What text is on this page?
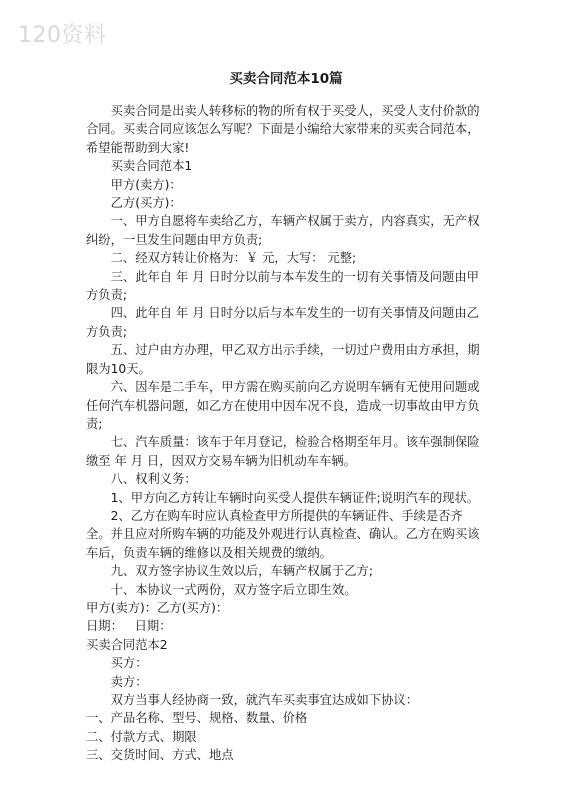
120资料
买卖合同范本10篇
买卖合同是出卖人转移标的物的所有权于买受人，买受人支付价款的合同。买卖合同应该怎么写呢？下面是小编给大家带来的买卖合同范本，希望能帮助到大家!
买卖合同范本1
甲方(卖方)：
乙方(买方)：
一、甲方自愿将车卖给乙方，车辆产权属于卖方，内容真实，无产权纠纷，一旦发生问题由甲方负责;
二、经双方转让价格为：￥ 元，大写： 元整;
三、此年自 年 月 日时分以前与本车发生的一切有关事情及问题由甲方负责;
四、此年自 年 月 日时分以后与本车发生的一切有关事情及问题由乙方负责;
五、过户由方办理，甲乙双方出示手续，一切过户费用由方承担，期限为10天。
六、因车是二手车，甲方需在购买前向乙方说明车辆有无使用问题或任何汽车机器问题，如乙方在使用中因车况不良，造成一切事故由甲方负责;
七、汽车质量：该车于年月登记，检验合格期至年月。该车强制保险缴至 年 月 日，因双方交易车辆为旧机动车车辆。
八、权利义务：
1、甲方向乙方转让车辆时向买受人提供车辆证件;说明汽车的现状。
2、乙方在购车时应认真检查甲方所提供的车辆证件、手续是否齐全。并且应对所购车辆的功能及外观进行认真检查、确认。乙方在购买该车后，负责车辆的维修以及相关规费的缴纳。
九、双方签字协议生效以后，车辆产权属于乙方;
十、本协议一式两份，双方签字后立即生效。
甲方(卖方)：乙方(买方)：
日期：   日期：
买卖合同范本2
买方：
卖方：
双方当事人经协商一致，就汽车买卖事宜达成如下协议：
一、产品名称、型号、规格、数量、价格
二、付款方式、期限
三、交货时间、方式、地点
